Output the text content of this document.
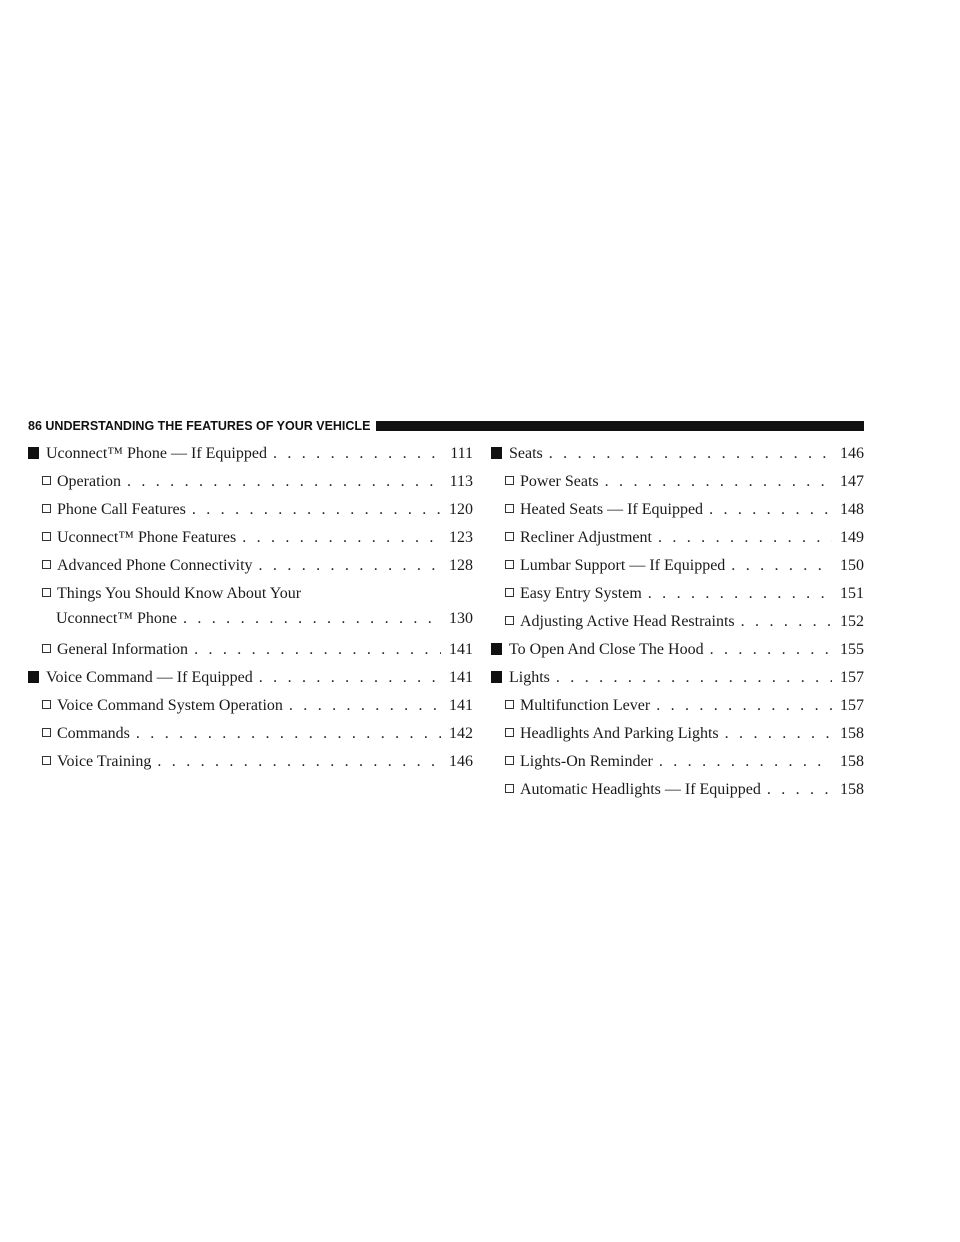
86 UNDERSTANDING THE FEATURES OF YOUR VEHICLE
Uconnect™ Phone — If Equipped . . .	111
Operation . . .	113
Phone Call Features . . .	120
Uconnect™ Phone Features . . .	123
Advanced Phone Connectivity . . .	128
Things You Should Know About Your
Uconnect™ Phone . . .	130
General Information . . .	141
Voice Command — If Equipped . . .	141
Voice Command System Operation . . .	141
Commands . . .	142
Voice Training . . .	146
Seats . . .	146
Power Seats . . .	147
Heated Seats — If Equipped . . .	148
Recliner Adjustment . . .	149
Lumbar Support — If Equipped . . .	150
Easy Entry System . . .	151
Adjusting Active Head Restraints . . .	152
To Open And Close The Hood . . .	155
Lights . . .	157
Multifunction Lever . . .	157
Headlights And Parking Lights . . .	158
Lights-On Reminder . . .	158
Automatic Headlights — If Equipped . . .	158
